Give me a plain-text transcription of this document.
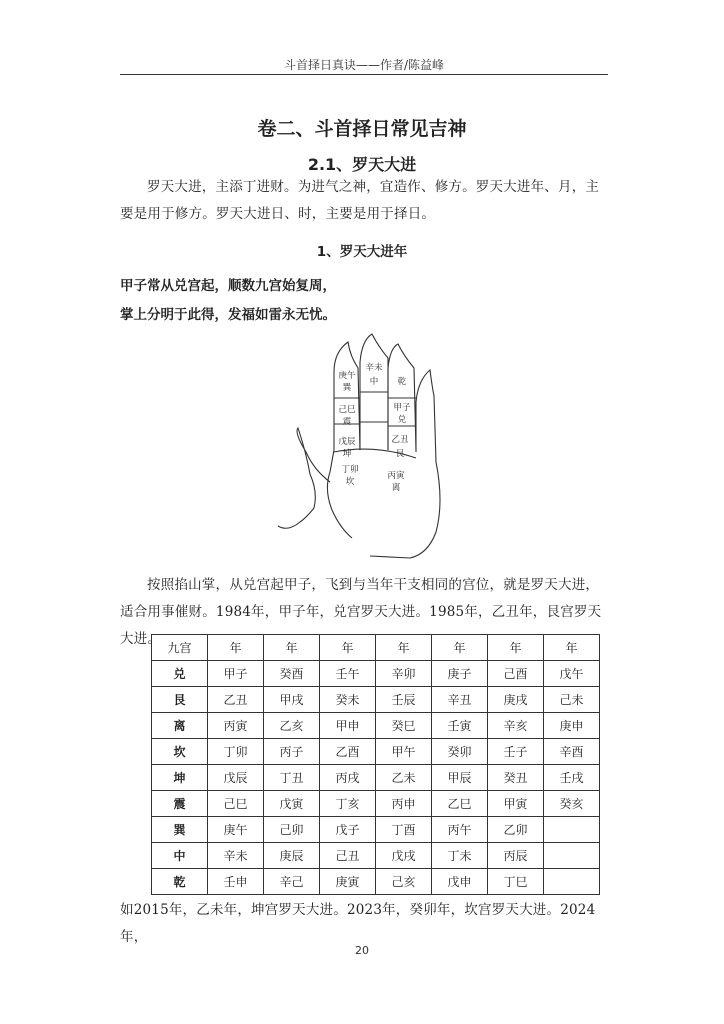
斗首择日真诀——作者/陈益峰
卷二、斗首择日常见吉神
2.1、罗天大进
罗天大进，主添丁进财。为进气之神，宜造作、修方。罗天大进年、月，主要是用于修方。罗天大进日、时，主要是用于择日。
1、罗天大进年
甲子常从兑宫起，顺数九宫始复周，
掌上分明于此得，发福如雷永无忧。
庚午
巽
辛未
中 乾
己巳
震
甲子
兑
戊辰
坤
乙丑
艮
丁卯
坎
丙寅
离
按照掐山掌，从兑宫起甲子，飞到与当年干支相同的宫位，就是罗天大进，适合用事催财。1984年，甲子年，兑宫罗天大进。1985年，乙丑年，艮宫罗天大进。
九宫	年	年	年	年	年	年	年
兑	甲子	癸酉	壬午	辛卯	庚子	己酉	戊午
艮	乙丑	甲戌	癸未	壬辰	辛丑	庚戌	己未
离	丙寅	乙亥	甲申	癸巳	壬寅	辛亥	庚申
坎	丁卯	丙子	乙酉	甲午	癸卯	壬子	辛酉
坤	戊辰	丁丑	丙戌	乙未	甲辰	癸丑	壬戌
震	己巳	戊寅	丁亥	丙申	乙巳	甲寅	癸亥
巽	庚午	己卯	戊子	丁酉	丙午	乙卯	
中	辛未	庚辰	己丑	戊戌	丁未	丙辰	
乾	壬申	辛己	庚寅	己亥	戊申	丁巳	
如2015年，乙未年，坤宫罗天大进。2023年，癸卯年，坎宫罗天大进。2024年，
20
